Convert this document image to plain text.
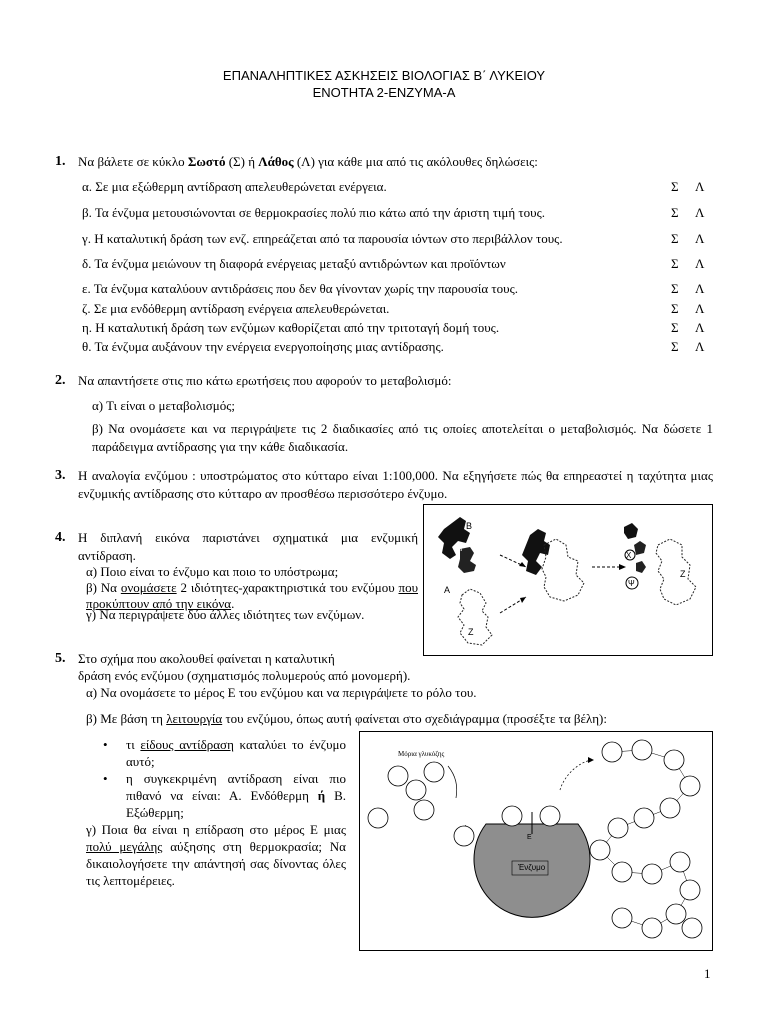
ΕΠΑΝΑΛΗΠΤΙΚΕΣ ΑΣΚΗΣΕΙΣ ΒΙΟΛΟΓΙΑΣ Β΄ ΛΥΚΕΙΟΥ
ΕΝΟΤΗΤΑ 2-ΕΝΖΥΜΑ-Α
1. Να βάλετε σε κύκλο Σωστό (Σ) ή Λάθος (Λ) για κάθε μια από τις ακόλουθες δηλώσεις:
α. Σε μια εξώθερμη αντίδραση απελευθερώνεται ενέργεια.	Σ Λ
β. Τα ένζυμα μετουσιώνονται σε θερμοκρασίες πολύ πιο κάτω από την άριστη τιμή τους.	Σ Λ
γ. Η καταλυτική δράση των ενζ. επηρεάζεται από τα παρουσία ιόντων στο περιβάλλον τους.	Σ Λ
δ. Τα ένζυμα μειώνουν τη διαφορά ενέργειας μεταξύ αντιδρώντων και προϊόντων	Σ Λ
ε. Τα ένζυμα καταλύουν αντιδράσεις που δεν θα γίνονταν χωρίς την παρουσία τους.	Σ Λ
ζ. Σε μια ενδόθερμη αντίδραση ενέργεια απελευθερώνεται.	Σ Λ
η. Η καταλυτική δράση των ενζύμων καθορίζεται από την τριτοταγή δομή τους.	Σ Λ
θ. Τα ένζυμα αυξάνουν την ενέργεια ενεργοποίησης μιας αντίδρασης.	Σ Λ
2. Να απαντήσετε στις πιο κάτω ερωτήσεις που αφορούν το μεταβολισμό:
α) Τι είναι ο μεταβολισμός;
β) Να ονομάσετε και να περιγράψετε τις 2 διαδικασίες από τις οποίες αποτελείται ο μεταβολισμός. Να δώσετε 1 παράδειγμα αντίδρασης για την κάθε διαδικασία.
3. Η αναλογία ενζύμου : υποστρώματος στο κύτταρο είναι 1:100,000. Να εξηγήσετε πώς θα επηρεαστεί η ταχύτητα μιας ενζυμικής αντίδρασης στο κύτταρο αν προσθέσω περισσότερο ένζυμο.
4. Η διπλανή εικόνα παριστάνει σχηματικά μια ενζυμική αντίδραση.
α) Ποιο είναι το ένζυμο και ποιο το υπόστρωμα;
β) Να ονομάσετε 2 ιδιότητες-χαρακτηριστικά του ενζύμου που προκύπτουν από την εικόνα.
γ) Να περιγράψετε δύο άλλες ιδιότητες των ενζύμων.
Β
Γ
Α
Ζ
Χ
Ψ
Ζ
5. Στο σχήμα που ακολουθεί φαίνεται η καταλυτική
δράση ενός ενζύμου (σχηματισμός πολυμερούς από μονομερή).
α) Να ονομάσετε το μέρος Ε του ενζύμου και να περιγράψετε το ρόλο του.
β) Με βάση τη λειτουργία του ενζύμου, όπως αυτή φαίνεται στο σχεδιάγραμμα (προσέξτε τα βέλη):
• τι είδους αντίδραση καταλύει το ένζυμο αυτό;
• η συγκεκριμένη αντίδραση είναι πιο πιθανό να είναι: Α. Ενδόθερμη ή Β. Εξώθερμη;
γ) Ποια θα είναι η επίδραση στο μέρος Ε μιας πολύ μεγάλης αύξησης στη θερμοκρασία; Να δικαιολογήσετε την απάντησή σας δίνοντας όλες τις λεπτομέρειες.
Ένζυμο
Ε
Μόρια γλυκόζης
1
